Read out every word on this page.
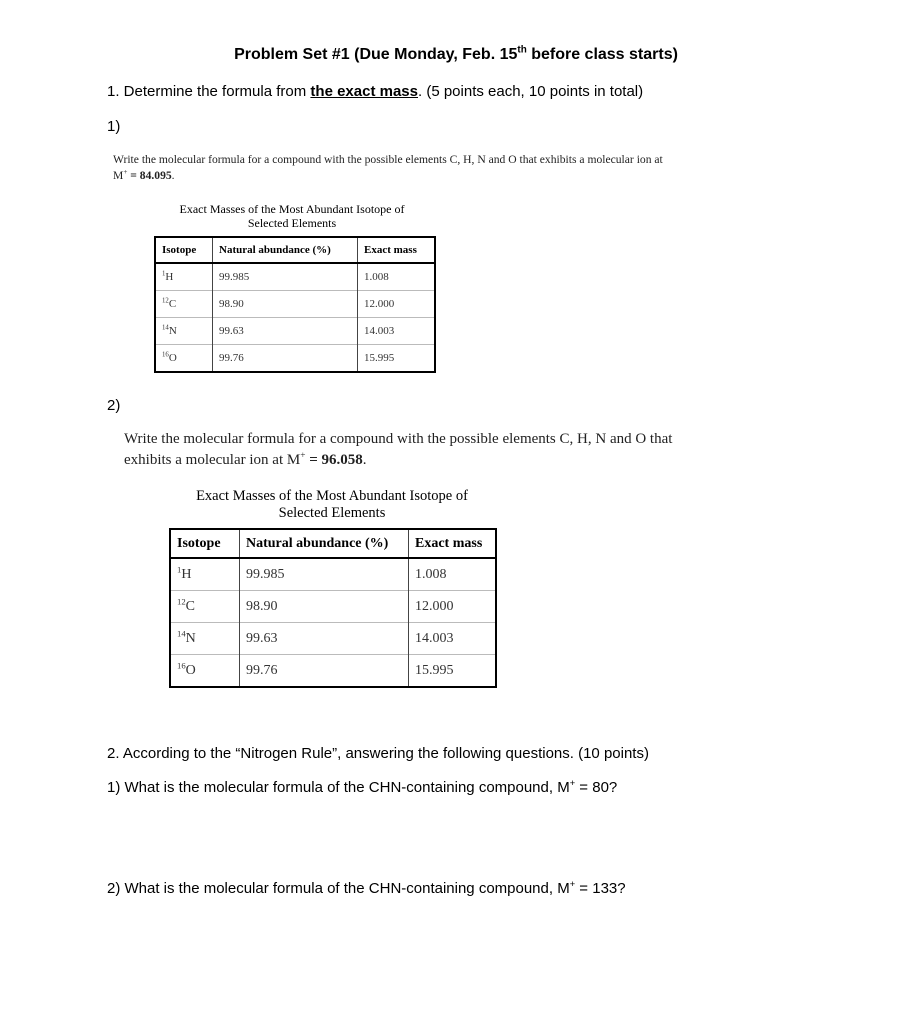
Problem Set #1 (Due Monday, Feb. 15th before class starts)
1. Determine the formula from the exact mass. (5 points each, 10 points in total)
1)
Write the molecular formula for a compound with the possible elements C, H, N and O that exhibits a molecular ion at
M+ = 84.095.
Exact Masses of the Most Abundant Isotope of
Selected Elements
Isotope	Natural abundance (%)	Exact mass
$^1$H	99.985	1.008
$^{12}$C	98.90	12.000
$^{14}$N	99.63	14.003
$^{16}$O	99.76	15.995
2)
Write the molecular formula for a compound with the possible elements C, H, N and O that
exhibits a molecular ion at M+ = 96.058.
Exact Masses of the Most Abundant Isotope of
Selected Elements
Isotope	Natural abundance (%)	Exact mass
$^1$H	99.985	1.008
$^{12}$C	98.90	12.000
$^{14}$N	99.63	14.003
$^{16}$O	99.76	15.995
2. According to the “Nitrogen Rule”, answering the following questions. (10 points)
1) What is the molecular formula of the CHN-containing compound, M+ = 80?
2) What is the molecular formula of the CHN-containing compound, M+ = 133?
